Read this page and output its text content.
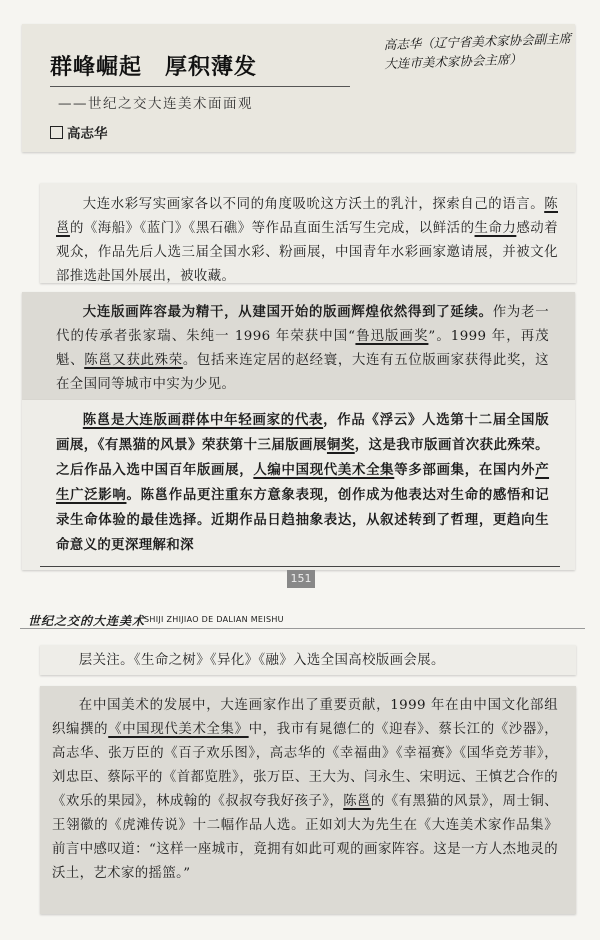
群峰崛起　厚积薄发
——世纪之交大连美术面面观
高志华
高志华（辽宁省美术家协会副主席 大连市美术家协会主席）

大连水彩写实画家各以不同的角度吸吮这方沃土的乳汁，探索自己的语言。陈邕的《海船》《蓝门》《黑石礁》等作品直面生活写生完成，以鲜活的生命力感动着观众，作品先后人选三届全国水彩、粉画展，中国青年水彩画家邀请展，并被文化部推选赴国外展出，被收藏。

大连版画阵容最为精干，从建国开始的版画辉煌依然得到了延续。作为老一代的传承者张家瑞、朱纯一 1996 年荣获中国“鲁迅版画奖”。1999 年，再茂魁、陈邕又获此殊荣。包括来连定居的赵经寰，大连有五位版画家获得此奖，这在全国同等城市中实为少见。

陈邕是大连版画群体中年轻画家的代表，作品《浮云》人选第十二届全国版画展，《有黑猫的风景》荣获第十三届版画展铜奖，这是我市版画首次获此殊荣。之后作品入选中国百年版画展，人编中国现代美术全集等多部画集，在国内外产生广泛影响。陈邕作品更注重东方意象表现，创作成为他表达对生命的感悟和记录生命体验的最佳选择。近期作品日趋抽象表达，从叙述转到了哲理，更趋向生命意义的更深理解和深

151
世纪之交的大连美术
SHIJI ZHIJIAO DE DALIAN MEISHU

层关注。《生命之树》《异化》《融》入选全国高校版画会展。

在中国美术的发展中，大连画家作出了重要贡献，1999 年在由中国文化部组织编撰的《中国现代美术全集》中，我市有晁德仁的《迎春》、蔡长江的《沙器》，高志华、张万臣的《百子欢乐图》，高志华的《幸福曲》《幸福赛》《国华竞芳菲》，刘忠臣、蔡际平的《首都览胜》，张万臣、王大为、闫永生、宋明远、王慎艺合作的《欢乐的果园》，林成翰的《叔叔夸我好孩子》，陈邕的《有黑猫的风景》，周士铜、王翎徽的《虎滩传说》十二幅作品人选。正如刘大为先生在《大连美术家作品集》前言中感叹道：“这样一座城市，竟拥有如此可观的画家阵容。这是一方人杰地灵的沃土，艺术家的摇篮。”
